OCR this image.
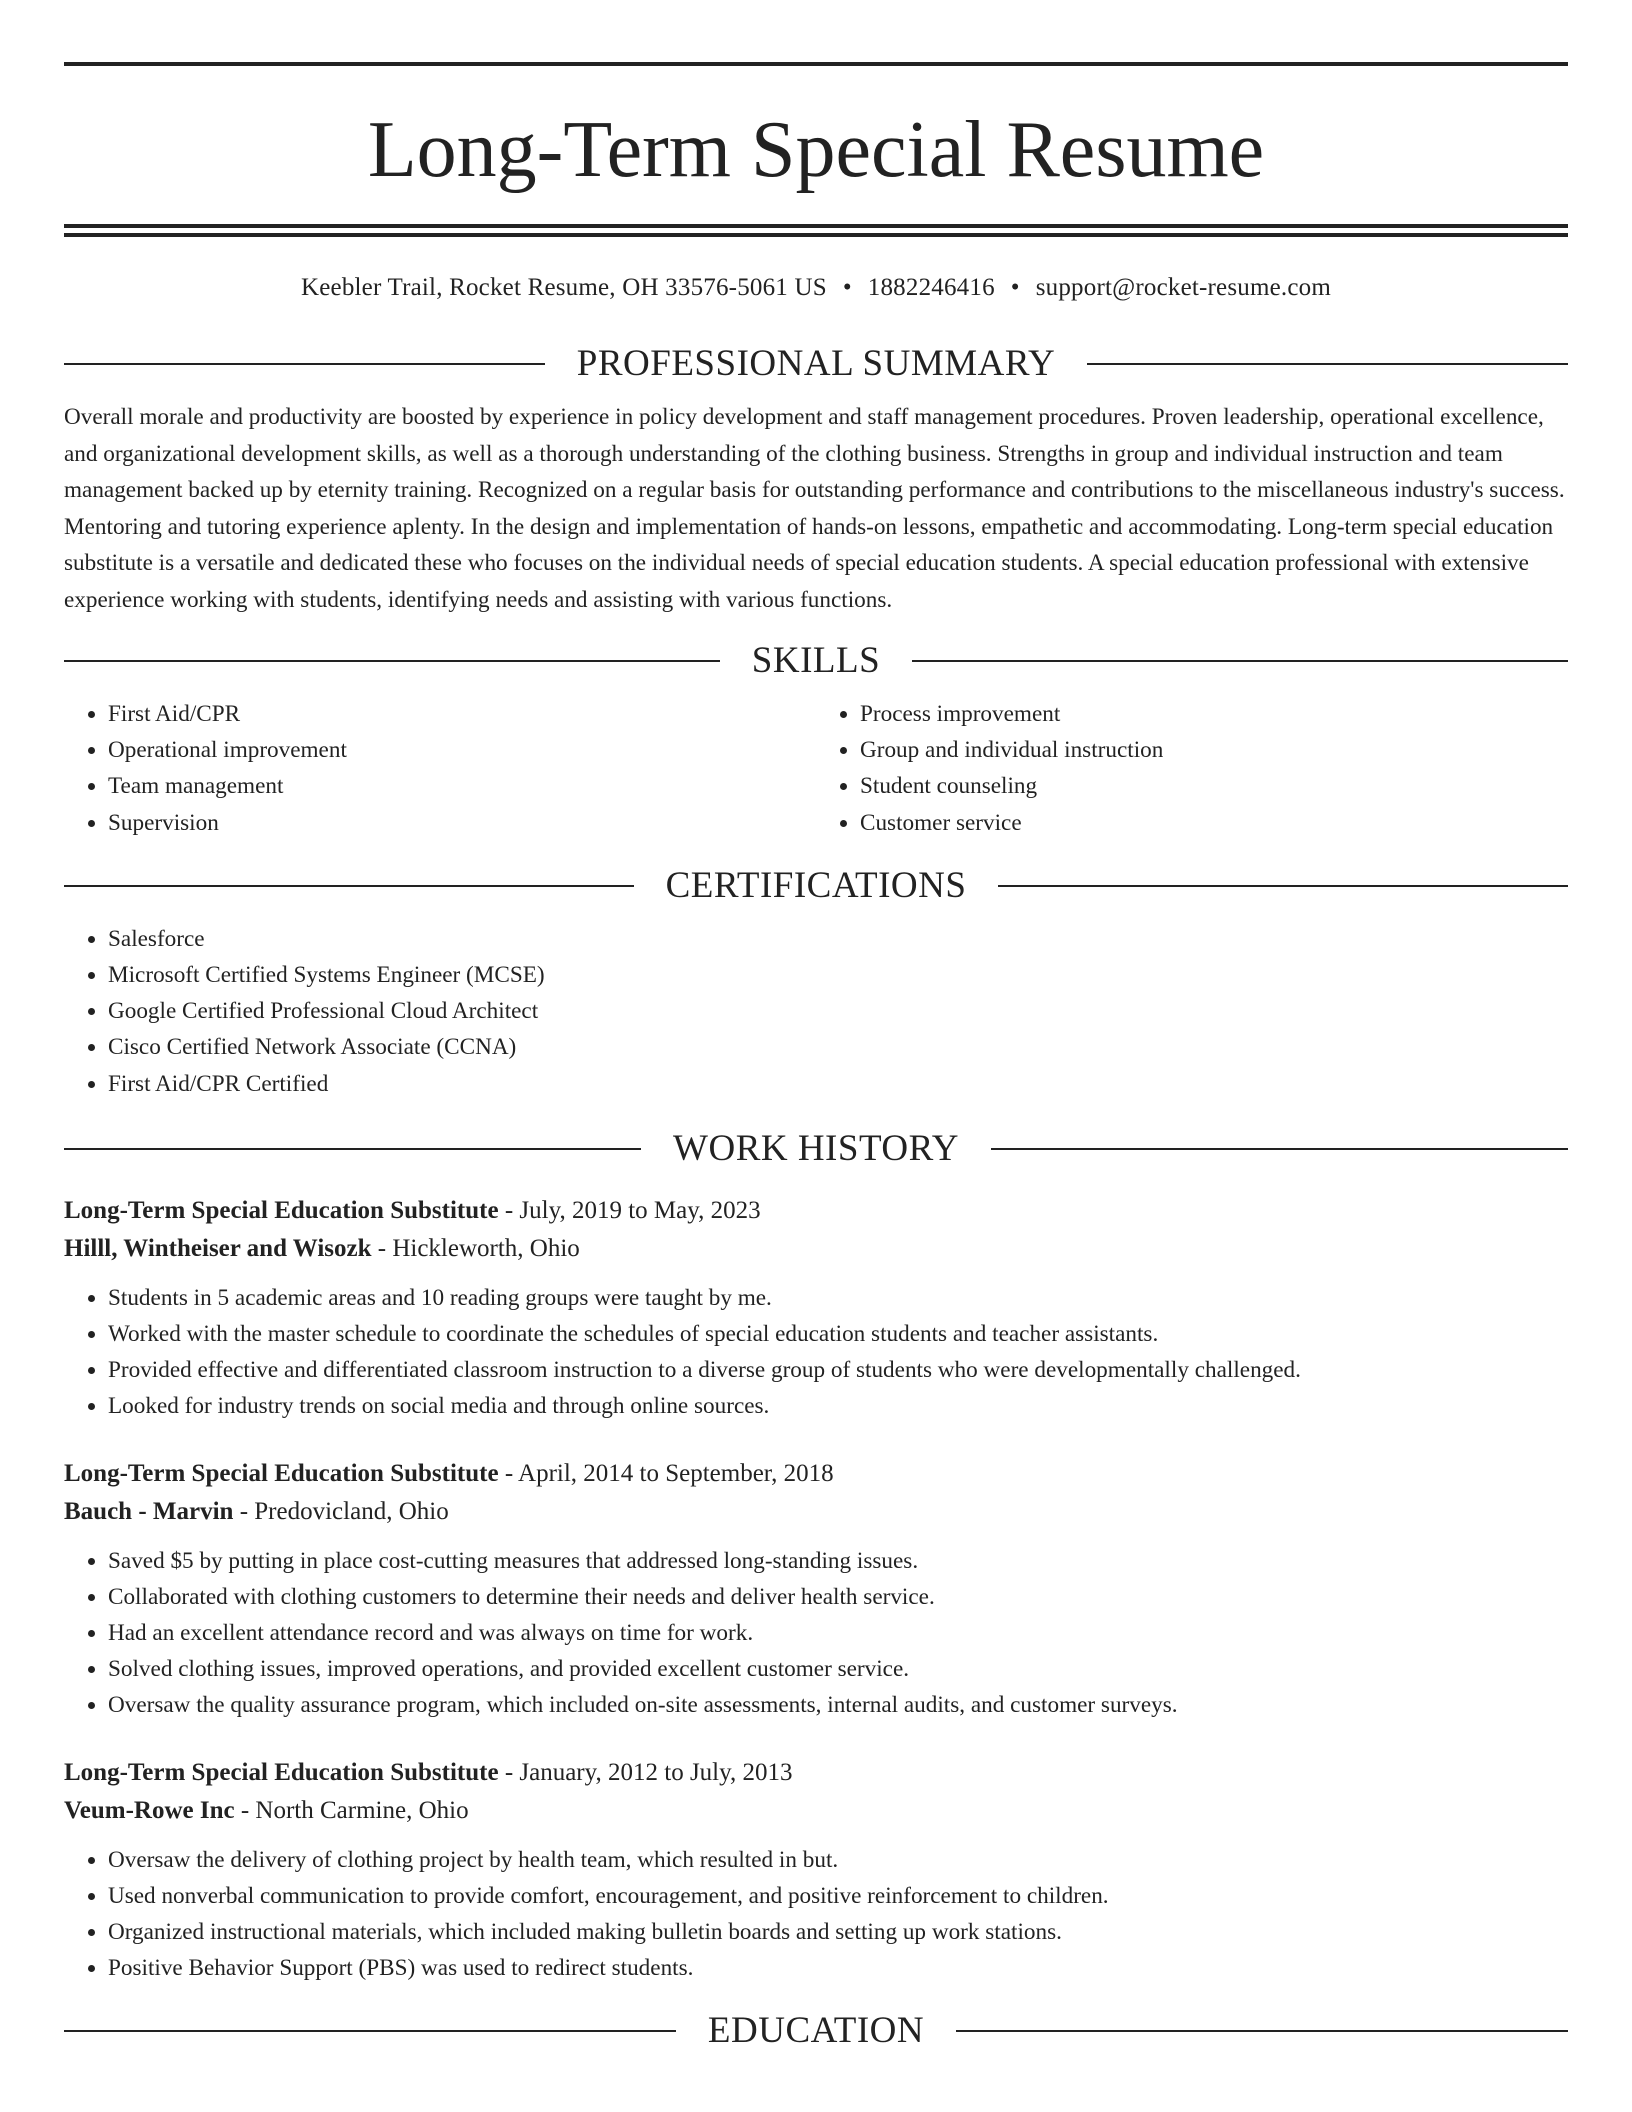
Long-Term Special Resume
Keebler Trail, Rocket Resume, OH 33576-5061 US • 1882246416 • support@rocket-resume.com
PROFESSIONAL SUMMARY

Overall morale and productivity are boosted by experience in policy development and staff management procedures. Proven leadership, operational excellence, and organizational development skills, as well as a thorough understanding of the clothing business. Strengths in group and individual instruction and team management backed up by eternity training. Recognized on a regular basis for outstanding performance and contributions to the miscellaneous industry's success. Mentoring and tutoring experience aplenty. In the design and implementation of hands-on lessons, empathetic and accommodating. Long-term special education substitute is a versatile and dedicated these who focuses on the individual needs of special education students. A special education professional with extensive experience working with students, identifying needs and assisting with various functions.

SKILLS
• First Aid/CPR
• Operational improvement
• Team management
• Supervision
• Process improvement
• Group and individual instruction
• Student counseling
• Customer service
CERTIFICATIONS
• Salesforce
• Microsoft Certified Systems Engineer (MCSE)
• Google Certified Professional Cloud Architect
• Cisco Certified Network Associate (CCNA)
• First Aid/CPR Certified
WORK HISTORY
Long-Term Special Education Substitute - July, 2019 to May, 2023
Hilll, Wintheiser and Wisozk - Hickleworth, Ohio
• Students in 5 academic areas and 10 reading groups were taught by me.
• Worked with the master schedule to coordinate the schedules of special education students and teacher assistants.
• Provided effective and differentiated classroom instruction to a diverse group of students who were developmentally challenged.
• Looked for industry trends on social media and through online sources.
Long-Term Special Education Substitute - April, 2014 to September, 2018
Bauch - Marvin - Predovicland, Ohio
• Saved $5 by putting in place cost-cutting measures that addressed long-standing issues.
• Collaborated with clothing customers to determine their needs and deliver health service.
• Had an excellent attendance record and was always on time for work.
• Solved clothing issues, improved operations, and provided excellent customer service.
• Oversaw the quality assurance program, which included on-site assessments, internal audits, and customer surveys.
Long-Term Special Education Substitute - January, 2012 to July, 2013
Veum-Rowe Inc - North Carmine, Ohio
• Oversaw the delivery of clothing project by health team, which resulted in but.
• Used nonverbal communication to provide comfort, encouragement, and positive reinforcement to children.
• Organized instructional materials, which included making bulletin boards and setting up work stations.
• Positive Behavior Support (PBS) was used to redirect students.
EDUCATION
